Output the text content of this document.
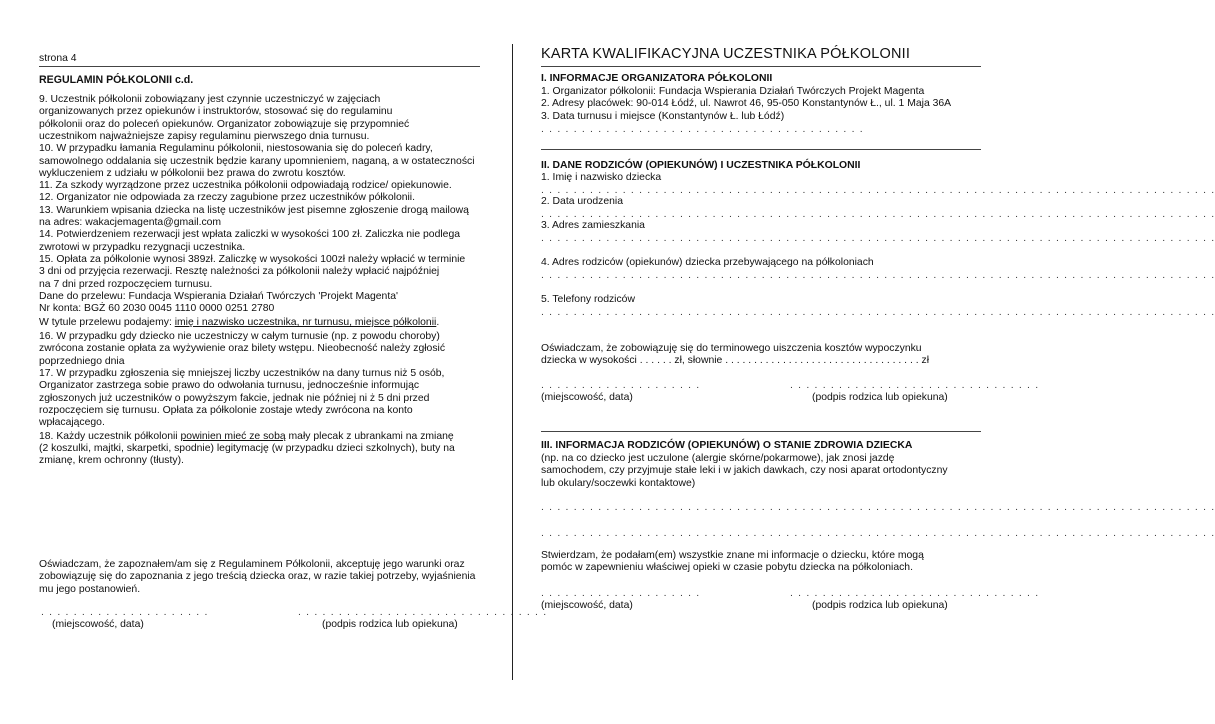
strona 4
REGULAMIN PÓŁKOLONII c.d.
9. Uczestnik półkolonii zobowiązany jest czynnie uczestniczyć w zajęciach
organizowanych przez opiekunów i instruktorów, stosować się do regulaminu
półkolonii oraz do poleceń opiekunów. Organizator zobowiązuje się przypomnieć
uczestnikom najważniejsze zapisy regulaminu pierwszego dnia turnusu.
10. W przypadku łamania Regulaminu półkolonii, niestosowania się do poleceń kadry,
samowolnego oddalania się uczestnik będzie karany upomnieniem, naganą, a w ostateczności
wykluczeniem z udziału w półkolonii bez prawa do zwrotu kosztów.
11. Za szkody wyrządzone przez uczestnika półkolonii odpowiadają rodzice/ opiekunowie.
12. Organizator nie odpowiada za rzeczy zagubione przez uczestników półkolonii.
13. Warunkiem wpisania dziecka na listę uczestników jest pisemne zgłoszenie drogą mailową
na adres: wakacjemagenta@gmail.com
14. Potwierdzeniem rezerwacji jest wpłata zaliczki w wysokości 100 zł. Zaliczka nie podlega
zwrotowi w przypadku rezygnacji uczestnika.
15. Opłata za półkolonie wynosi 389zł. Zaliczkę w wysokości 100zł należy wpłacić w terminie
3 dni od przyjęcia rezerwacji. Resztę należności za półkolonii należy wpłacić najpóźniej
na 7 dni przed rozpoczęciem turnusu.
Dane do przelewu: Fundacja Wspierania Działań Twórczych 'Projekt Magenta'
Nr konta: BGŻ 60 2030 0045 1110 0000 0251 2780
W tytule przelewu podajemy: imię i nazwisko uczestnika, nr turnusu, miejsce półkolonii.
16. W przypadku gdy dziecko nie uczestniczy w całym turnusie (np. z powodu choroby)
zwrócona zostanie opłata za wyżywienie oraz bilety wstępu. Nieobecność należy zgłosić
poprzedniego dnia
17. W przypadku zgłoszenia się mniejszej liczby uczestników na dany turnus niż 5 osób,
Organizator zastrzega sobie prawo do odwołania turnusu, jednocześnie informując
zgłoszonych już uczestników o powyższym fakcie, jednak nie później ni ż 5 dni przed
rozpoczęciem się turnusu. Opłata za półkolonie zostaje wtedy zwrócona na konto
wpłacającego.
18. Każdy uczestnik półkolonii powinien mieć ze sobą mały plecak z ubrankami na zmianę
(2 koszulki, majtki, skarpetki, spodnie) legitymację (w przypadku dzieci szkolnych), buty na
zmianę, krem ochronny (tłusty).
Oświadczam, że zapoznałem/am się z Regulaminem Półkolonii, akceptuję jego warunki oraz
zobowiązuję się do zapoznania z jego treścią dziecka oraz, w razie takiej potrzeby, wyjaśnienia
mu jego postanowień.
. . . . . . . . . . . . . . . . . . . . .	. . . . . . . . . . . . . . . . . . . . . . . . . . . . . . .
(miejscowość, data)	(podpis rodzica lub opiekuna)
KARTA KWALIFIKACYJNA UCZESTNIKA PÓŁKOLONII
I. INFORMACJE ORGANIZATORA PÓŁKOLONII
1. Organizator półkolonii: Fundacja Wspierania Działań Twórczych Projekt Magenta
2. Adresy placówek: 90-014 Łódź, ul. Nawrot 46, 95-050 Konstantynów Ł., ul. 1 Maja 36A
3. Data turnusu i miejsce (Konstantynów Ł. lub Łódź)
. . . . . . . . . . . . . . . . . . . . . . . . . . . . . . . . . . . . . . . .
II. DANE RODZICÓW (OPIEKUNÓW) I UCZESTNIKA PÓŁKOLONII
1. Imię i nazwisko dziecka
. . . . . . . . . . . . . . . . . . . . . . . . . . . . . . . . . . . . . . . . . . . . . . . . . . . . . . . . . . . . . . . . . . . . . . . . . . . . . . . . . . .
2. Data urodzenia
. . . . . . . . . . . . . . . . . . . . . . . . . . . . . . . . . . . . . . . . . . . . . . . . . . . . . . . . . . . . . . . . . . . . . . . . . . . . . . . . . . .
3. Adres zamieszkania
. . . . . . . . . . . . . . . . . . . . . . . . . . . . . . . . . . . . . . . . . . . . . . . . . . . . . . . . . . . . . . . . . . . . . . . . . . . . . . . . . . .
4. Adres rodziców (opiekunów) dziecka przebywającego na półkoloniach
. . . . . . . . . . . . . . . . . . . . . . . . . . . . . . . . . . . . . . . . . . . . . . . . . . . . . . . . . . . . . . . . . . . . . . . . . . . . . . . . . . .
5. Telefony rodziców
. . . . . . . . . . . . . . . . . . . . . . . . . . . . . . . . . . . . . . . . . . . . . . . . . . . . . . . . . . . . . . . . . . . . . . . . . . . . . . . . . . .
Oświadczam, że zobowiązuję się do terminowego uiszczenia kosztów wypoczynku
dziecka w wysokości . . . . . . zł, słownie . . . . . . . . . . . . . . . . . . . . . . . . . . . . . . . . . . zł
. . . . . . . . . . . . . . . . . . . .	. . . . . . . . . . . . . . . . . . . . . . . . . . . . . . .
(miejscowość, data)	(podpis rodzica lub opiekuna)
III. INFORMACJA RODZICÓW (OPIEKUNÓW) O STANIE ZDROWIA DZIECKA
(np. na co dziecko jest uczulone (alergie skórne/pokarmowe), jak znosi jazdę
samochodem, czy przyjmuje stałe leki i w jakich dawkach, czy nosi aparat ortodontyczny
lub okulary/soczewki kontaktowe)
. . . . . . . . . . . . . . . . . . . . . . . . . . . . . . . . . . . . . . . . . . . . . . . . . . . . . . . . . . . . . . . . . . . . . . . . . . . . . . . . . . .
. . . . . . . . . . . . . . . . . . . . . . . . . . . . . . . . . . . . . . . . . . . . . . . . . . . . . . . . . . . . . . . . . . . . . . . . . . . . . . . . . . .
Stwierdzam, że podałam(em) wszystkie znane mi informacje o dziecku, które mogą
pomóc w zapewnieniu właściwej opieki w czasie pobytu dziecka na półkoloniach.
. . . . . . . . . . . . . . . . . . . .	. . . . . . . . . . . . . . . . . . . . . . . . . . . . . . .
(miejscowość, data)	(podpis rodzica lub opiekuna)
